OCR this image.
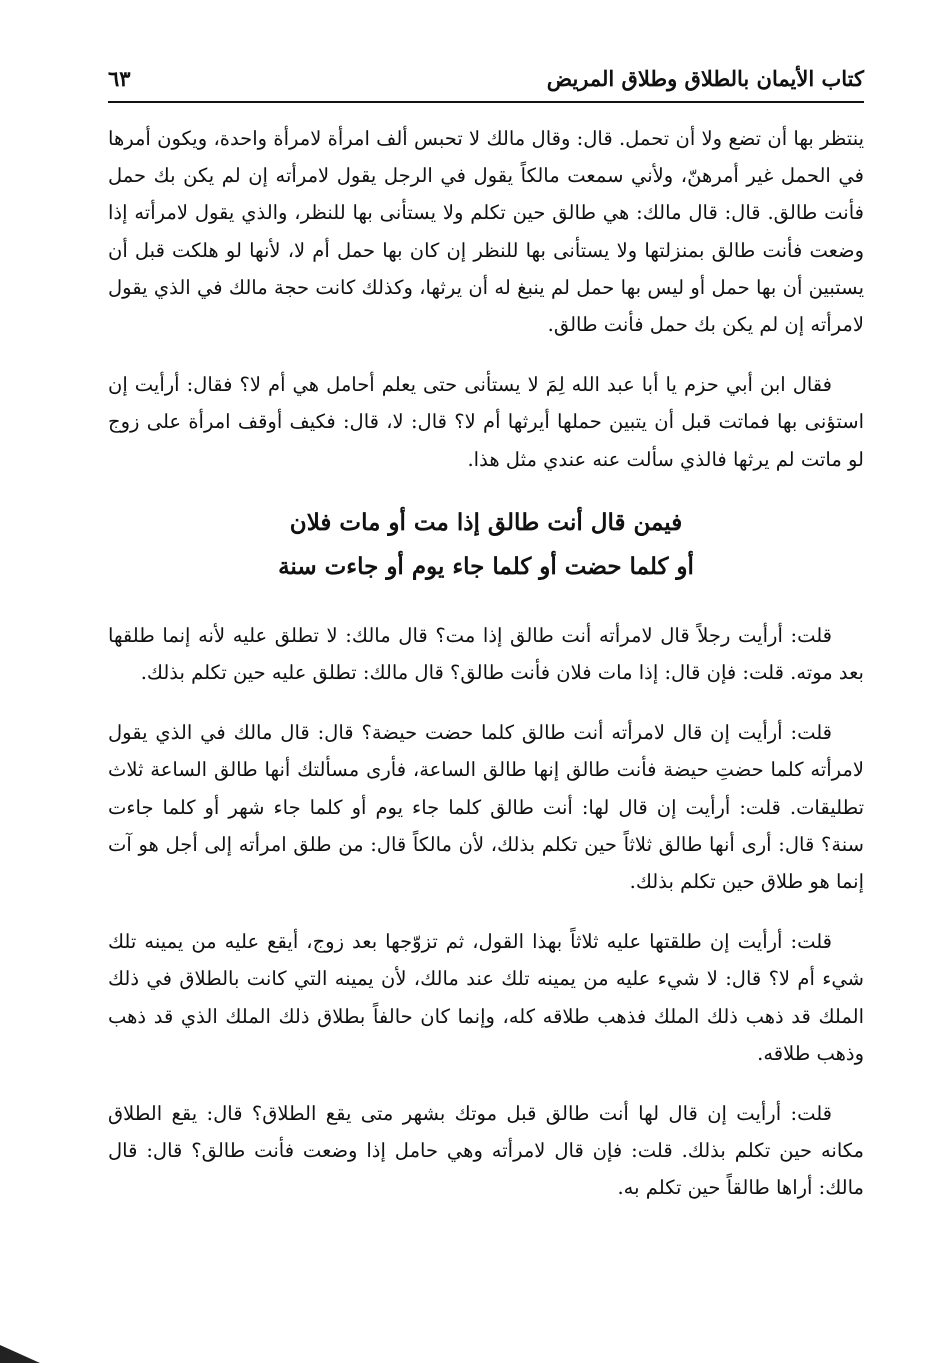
كتاب الأيمان بالطلاق وطلاق المريض
٦٣

ينتظر بها أن تضع ولا أن تحمل. قال: وقال مالك لا تحبس ألف امرأة لامرأة واحدة، ويكون أمرها في الحمل غير أمرهنّ، ولأني سمعت مالكاً يقول في الرجل يقول لامرأته إن لم يكن بك حمل فأنت طالق. قال: قال مالك: هي طالق حين تكلم ولا يستأنى بها للنظر، والذي يقول لامرأته إذا وضعت فأنت طالق بمنزلتها ولا يستأنى بها للنظر إن كان بها حمل أم لا، لأنها لو هلكت قبل أن يستبين أن بها حمل أو ليس بها حمل لم ينبغ له أن يرثها، وكذلك كانت حجة مالك في الذي يقول لامرأته إن لم يكن بك حمل فأنت طالق.

فقال ابن أبي حزم يا أبا عبد الله لِمَ لا يستأنى حتى يعلم أحامل هي أم لا؟ فقال: أرأيت إن استؤنى بها فماتت قبل أن يتبين حملها أيرثها أم لا؟ قال: لا، قال: فكيف أوقف امرأة على زوج لو ماتت لم يرثها فالذي سألت عنه عندي مثل هذا.

فيمن قال أنت طالق إذا مت أو مات فلان
أو كلما حضت أو كلما جاء يوم أو جاءت سنة

قلت: أرأيت رجلاً قال لامرأته أنت طالق إذا مت؟ قال مالك: لا تطلق عليه لأنه إنما طلقها بعد موته. قلت: فإن قال: إذا مات فلان فأنت طالق؟ قال مالك: تطلق عليه حين تكلم بذلك.

قلت: أرأيت إن قال لامرأته أنت طالق كلما حضت حيضة؟ قال: قال مالك في الذي يقول لامرأته كلما حضتِ حيضة فأنت طالق إنها طالق الساعة، فأرى مسألتك أنها طالق الساعة ثلاث تطليقات. قلت: أرأيت إن قال لها: أنت طالق كلما جاء يوم أو كلما جاء شهر أو كلما جاءت سنة؟ قال: أرى أنها طالق ثلاثاً حين تكلم بذلك، لأن مالكاً قال: من طلق امرأته إلى أجل هو آت إنما هو طلاق حين تكلم بذلك.

قلت: أرأيت إن طلقتها عليه ثلاثاً بهذا القول، ثم تزوّجها بعد زوج، أيقع عليه من يمينه تلك شيء أم لا؟ قال: لا شيء عليه من يمينه تلك عند مالك، لأن يمينه التي كانت بالطلاق في ذلك الملك قد ذهب ذلك الملك فذهب طلاقه كله، وإنما كان حالفاً بطلاق ذلك الملك الذي قد ذهب وذهب طلاقه.

قلت: أرأيت إن قال لها أنت طالق قبل موتك بشهر متى يقع الطلاق؟ قال: يقع الطلاق مكانه حين تكلم بذلك. قلت: فإن قال لامرأته وهي حامل إذا وضعت فأنت طالق؟ قال: قال مالك: أراها طالقاً حين تكلم به.
